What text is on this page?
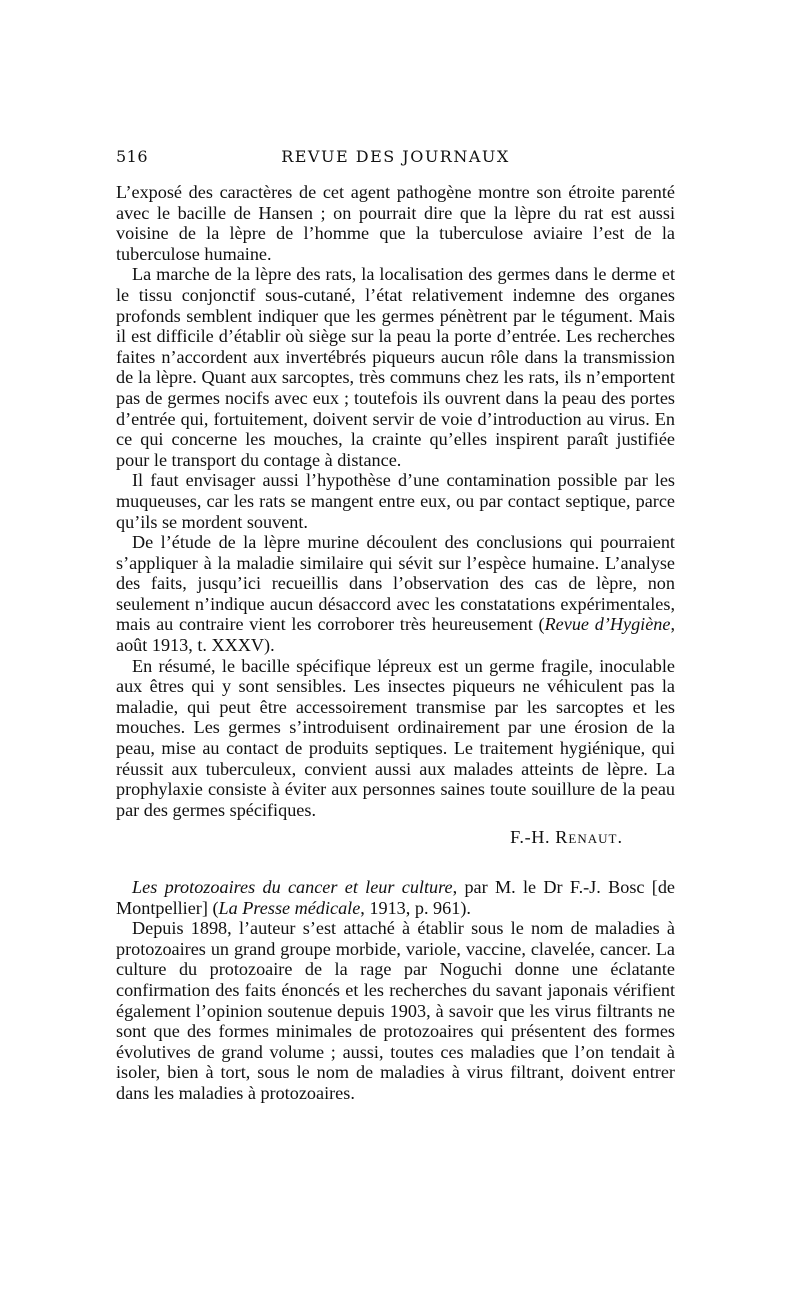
516	REVUE DES JOURNAUX

L’exposé des caractères de cet agent pathogène montre son étroite parenté avec le bacille de Hansen ; on pourrait dire que la lèpre du rat est aussi voisine de la lèpre de l’homme que la tuberculose aviaire l’est de la tuberculose humaine.

La marche de la lèpre des rats, la localisation des germes dans le derme et le tissu conjonctif sous-cutané, l’état relativement indemne des organes profonds semblent indiquer que les germes pénètrent par le tégument. Mais il est difficile d’établir où siège sur la peau la porte d’entrée. Les recherches faites n’accordent aux invertébrés piqueurs aucun rôle dans la transmission de la lèpre. Quant aux sarcoptes, très communs chez les rats, ils n’emportent pas de germes nocifs avec eux ; toutefois ils ouvrent dans la peau des portes d’entrée qui, fortuitement, doivent servir de voie d’introduction au virus. En ce qui concerne les mouches, la crainte qu’elles inspirent paraît justifiée pour le transport du contage à distance.

Il faut envisager aussi l’hypothèse d’une contamination possible par les muqueuses, car les rats se mangent entre eux, ou par contact septique, parce qu’ils se mordent souvent.

De l’étude de la lèpre murine découlent des conclusions qui pourraient s’appliquer à la maladie similaire qui sévit sur l’espèce humaine. L’analyse des faits, jusqu’ici recueillis dans l’observation des cas de lèpre, non seulement n’indique aucun désaccord avec les constatations expérimentales, mais au contraire vient les corroborer très heureusement (Revue d’Hygiène, août 1913, t. XXXV).

En résumé, le bacille spécifique lépreux est un germe fragile, inoculable aux êtres qui y sont sensibles. Les insectes piqueurs ne véhiculent pas la maladie, qui peut être accessoirement transmise par les sarcoptes et les mouches. Les germes s’introduisent ordinairement par une érosion de la peau, mise au contact de produits septiques. Le traitement hygiénique, qui réussit aux tuberculeux, convient aussi aux malades atteints de lèpre. La prophylaxie consiste à éviter aux personnes saines toute souillure de la peau par des germes spécifiques.

F.-H. Renaut.

Les protozoaires du cancer et leur culture, par M. le Dr F.-J. Bosc [de Montpellier] (La Presse médicale, 1913, p. 961).

Depuis 1898, l’auteur s’est attaché à établir sous le nom de maladies à protozoaires un grand groupe morbide, variole, vaccine, clavelée, cancer. La culture du protozoaire de la rage par Noguchi donne une éclatante confirmation des faits énoncés et les recherches du savant japonais vérifient également l’opinion soutenue depuis 1903, à savoir que les virus filtrants ne sont que des formes minimales de protozoaires qui présentent des formes évolutives de grand volume ; aussi, toutes ces maladies que l’on tendait à isoler, bien à tort, sous le nom de maladies à virus filtrant, doivent entrer dans les maladies à protozoaires.
